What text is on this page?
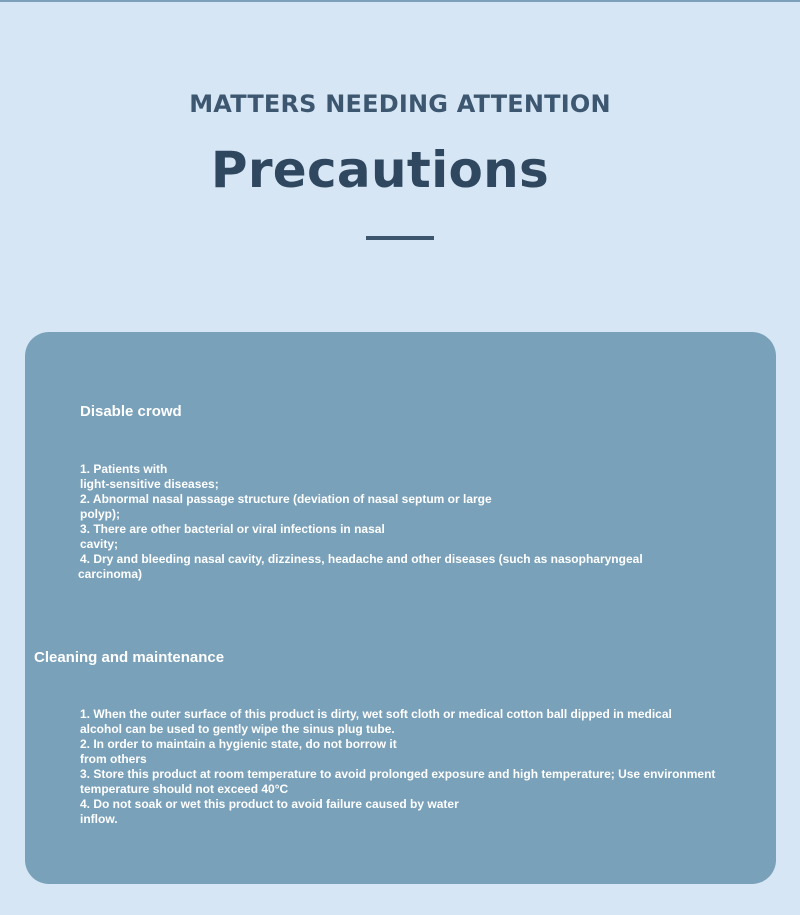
MATTERS NEEDING ATTENTION
Precautions
Disable crowd
1. Patients with
light-sensitive diseases;
2. Abnormal nasal passage structure (deviation of nasal septum or large
polyp);
3. There are other bacterial or viral infections in nasal
cavity;
4. Dry and bleeding nasal cavity, dizziness, headache and other diseases (such as nasopharyngeal
carcinoma)
Cleaning and maintenance
1. When the outer surface of this product is dirty, wet soft cloth or medical cotton ball dipped in medical
alcohol can be used to gently wipe the sinus plug tube.
2. In order to maintain a hygienic state, do not borrow it
from others
3. Store this product at room temperature to avoid prolonged exposure and high temperature; Use environment
temperature should not exceed 40°C
4. Do not soak or wet this product to avoid failure caused by water
inflow.
